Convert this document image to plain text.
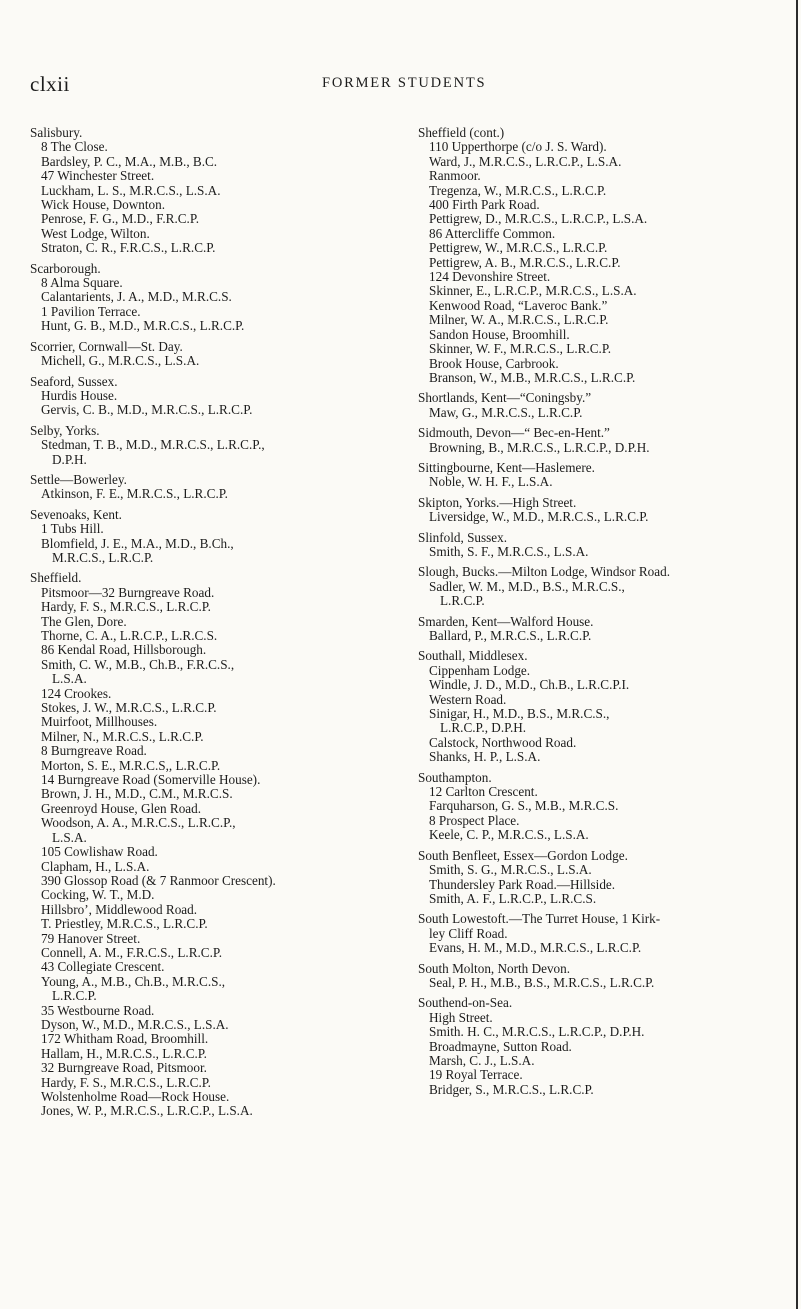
clxii	FORMER STUDENTS
Salisbury.
8 The Close.
Bardsley, P. C., M.A., M.B., B.C.
47 Winchester Street.
Luckham, L. S., M.R.C.S., L.S.A.
Wick House, Downton.
Penrose, F. G., M.D., F.R.C.P.
West Lodge, Wilton.
Straton, C. R., F.R.C.S., L.R.C.P.
Scarborough.
8 Alma Square.
Calantarients, J. A., M.D., M.R.C.S.
1 Pavilion Terrace.
Hunt, G. B., M.D., M.R.C.S., L.R.C.P.
Scorrier, Cornwall—St. Day.
Michell, G., M.R.C.S., L.S.A.
Seaford, Sussex.
Hurdis House.
Gervis, C. B., M.D., M.R.C.S., L.R.C.P.
Selby, Yorks.
Stedman, T. B., M.D., M.R.C.S., L.R.C.P.,
D.P.H.
Settle—Bowerley.
Atkinson, F. E., M.R.C.S., L.R.C.P.
Sevenoaks, Kent.
1 Tubs Hill.
Blomfield, J. E., M.A., M.D., B.Ch.,
M.R.C.S., L.R.C.P.
Sheffield.
Pitsmoor—32 Burngreave Road.
Hardy, F. S., M.R.C.S., L.R.C.P.
The Glen, Dore.
Thorne, C. A., L.R.C.P., L.R.C.S.
86 Kendal Road, Hillsborough.
Smith, C. W., M.B., Ch.B., F.R.C.S.,
L.S.A.
124 Crookes.
Stokes, J. W., M.R.C.S., L.R.C.P.
Muirfoot, Millhouses.
Milner, N., M.R.C.S., L.R.C.P.
8 Burngreave Road.
Morton, S. E., M.R.C.S,, L.R.C.P.
14 Burngreave Road (Somerville House).
Brown, J. H., M.D., C.M., M.R.C.S.
Greenroyd House, Glen Road.
Woodson, A. A., M.R.C.S., L.R.C.P.,
L.S.A.
105 Cowlishaw Road.
Clapham, H., L.S.A.
390 Glossop Road (& 7 Ranmoor Crescent).
Cocking, W. T., M.D.
Hillsbro’, Middlewood Road.
T. Priestley, M.R.C.S., L.R.C.P.
79 Hanover Street.
Connell, A. M., F.R.C.S., L.R.C.P.
43 Collegiate Crescent.
Young, A., M.B., Ch.B., M.R.C.S.,
L.R.C.P.
35 Westbourne Road.
Dyson, W., M.D., M.R.C.S., L.S.A.
172 Whitham Road, Broomhill.
Hallam, H., M.R.C.S., L.R.C.P.
32 Burngreave Road, Pitsmoor.
Hardy, F. S., M.R.C.S., L.R.C.P.
Wolstenholme Road—Rock House.
Jones, W. P., M.R.C.S., L.R.C.P., L.S.A.
Sheffield (cont.)
110 Upperthorpe (c/o J. S. Ward).
Ward, J., M.R.C.S., L.R.C.P., L.S.A.
Ranmoor.
Tregenza, W., M.R.C.S., L.R.C.P.
400 Firth Park Road.
Pettigrew, D., M.R.C.S., L.R.C.P., L.S.A.
86 Attercliffe Common.
Pettigrew, W., M.R.C.S., L.R.C.P.
Pettigrew, A. B., M.R.C.S., L.R.C.P.
124 Devonshire Street.
Skinner, E., L.R.C.P., M.R.C.S., L.S.A.
Kenwood Road, “Laveroc Bank.”
Milner, W. A., M.R.C.S., L.R.C.P.
Sandon House, Broomhill.
Skinner, W. F., M.R.C.S., L.R.C.P.
Brook House, Carbrook.
Branson, W., M.B., M.R.C.S., L.R.C.P.
Shortlands, Kent—“Coningsby.”
Maw, G., M.R.C.S., L.R.C.P.
Sidmouth, Devon—“ Bec-en-Hent.”
Browning, B., M.R.C.S., L.R.C.P., D.P.H.
Sittingbourne, Kent—Haslemere.
Noble, W. H. F., L.S.A.
Skipton, Yorks.—High Street.
Liversidge, W., M.D., M.R.C.S., L.R.C.P.
Slinfold, Sussex.
Smith, S. F., M.R.C.S., L.S.A.
Slough, Bucks.—Milton Lodge, Windsor Road.
Sadler, W. M., M.D., B.S., M.R.C.S.,
L.R.C.P.
Smarden, Kent—Walford House.
Ballard, P., M.R.C.S., L.R.C.P.
Southall, Middlesex.
Cippenham Lodge.
Windle, J. D., M.D., Ch.B., L.R.C.P.I.
Western Road.
Sinigar, H., M.D., B.S., M.R.C.S.,
L.R.C.P., D.P.H.
Calstock, Northwood Road.
Shanks, H. P., L.S.A.
Southampton.
12 Carlton Crescent.
Farquharson, G. S., M.B., M.R.C.S.
8 Prospect Place.
Keele, C. P., M.R.C.S., L.S.A.
South Benfleet, Essex—Gordon Lodge.
Smith, S. G., M.R.C.S., L.S.A.
Thundersley Park Road.—Hillside.
Smith, A. F., L.R.C.P., L.R.C.S.
South Lowestoft.—The Turret House, 1 Kirk-
ley Cliff Road.
Evans, H. M., M.D., M.R.C.S., L.R.C.P.
South Molton, North Devon.
Seal, P. H., M.B., B.S., M.R.C.S., L.R.C.P.
Southend-on-Sea.
High Street.
Smith. H. C., M.R.C.S., L.R.C.P., D.P.H.
Broadmayne, Sutton Road.
Marsh, C. J., L.S.A.
19 Royal Terrace.
Bridger, S., M.R.C.S., L.R.C.P.
